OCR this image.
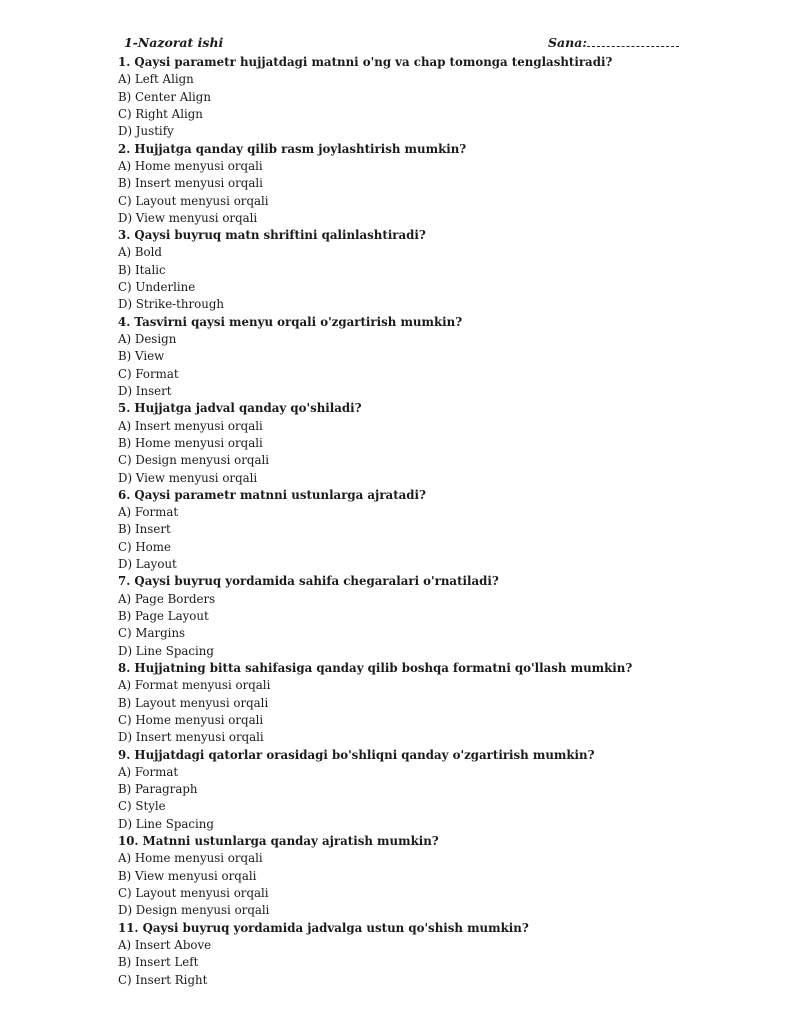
1-Nazorat ishi	Sana:
1. Qaysi parametr hujjatdagi matnni o'ng va chap tomonga tenglashtiradi?
A) Left Align
B) Center Align
C) Right Align
D) Justify
2. Hujjatga qanday qilib rasm joylashtirish mumkin?
A) Home menyusi orqali
B) Insert menyusi orqali
C) Layout menyusi orqali
D) View menyusi orqali
3. Qaysi buyruq matn shriftini qalinlashtiradi?
A) Bold
B) Italic
C) Underline
D) Strike-through
4. Tasvirni qaysi menyu orqali o'zgartirish mumkin?
A) Design
B) View
C) Format
D) Insert
5. Hujjatga jadval qanday qo'shiladi?
A) Insert menyusi orqali
B) Home menyusi orqali
C) Design menyusi orqali
D) View menyusi orqali
6. Qaysi parametr matnni ustunlarga ajratadi?
A) Format
B) Insert
C) Home
D) Layout
7. Qaysi buyruq yordamida sahifa chegaralari o'rnatiladi?
A) Page Borders
B) Page Layout
C) Margins
D) Line Spacing
8. Hujjatning bitta sahifasiga qanday qilib boshqa formatni qo'llash mumkin?
A) Format menyusi orqali
B) Layout menyusi orqali
C) Home menyusi orqali
D) Insert menyusi orqali
9. Hujjatdagi qatorlar orasidagi bo'shliqni qanday o'zgartirish mumkin?
A) Format
B) Paragraph
C) Style
D) Line Spacing
10. Matnni ustunlarga qanday ajratish mumkin?
A) Home menyusi orqali
B) View menyusi orqali
C) Layout menyusi orqali
D) Design menyusi orqali
11. Qaysi buyruq yordamida jadvalga ustun qo'shish mumkin?
A) Insert Above
B) Insert Left
C) Insert Right
